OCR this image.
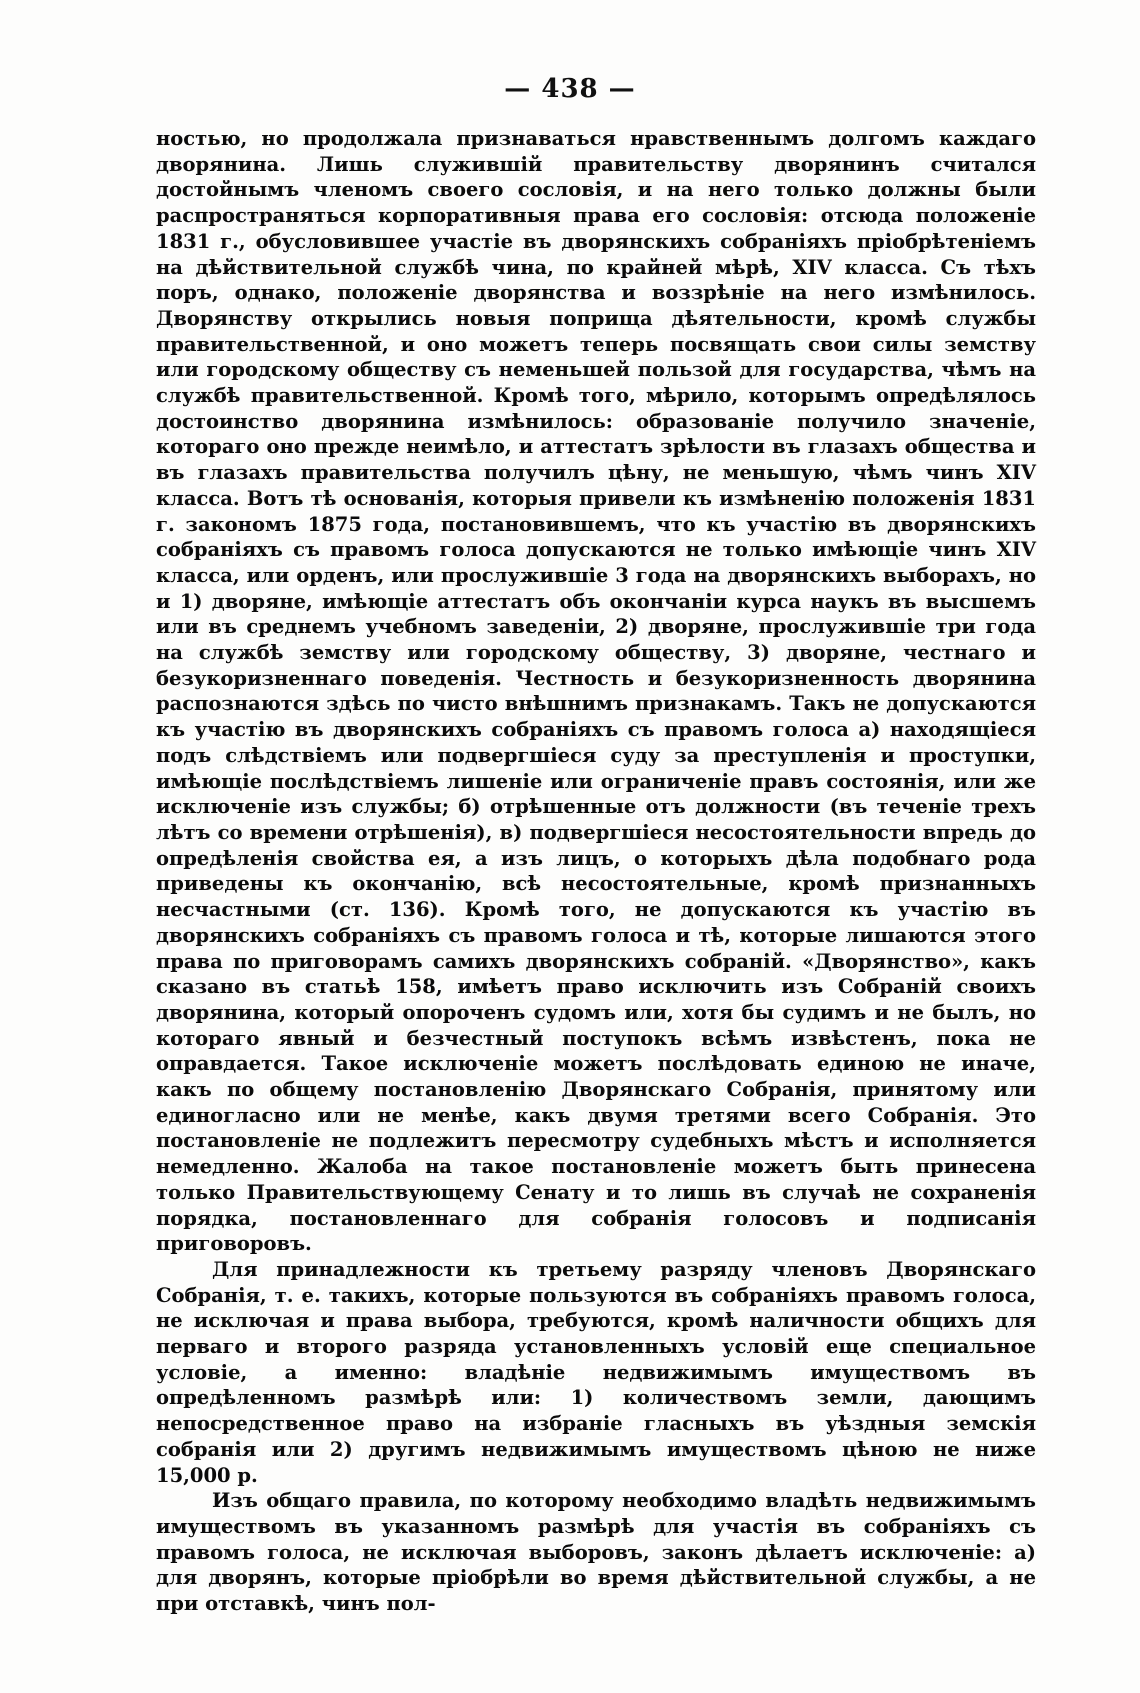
— 438 —

ностью, но продолжала признаваться нравственнымъ долгомъ каждаго дворянина. Лишь служившій правительству дворянинъ считался достойнымъ членомъ своего сословія, и на него только должны были распространяться корпоративныя права его сословія: отсюда положеніе 1831 г., обусловившее участіе въ дворянскихъ собраніяхъ пріобрѣтеніемъ на дѣйствительной службѣ чина, по крайней мѣрѣ, XIV класса. Съ тѣхъ поръ, однако, положеніе дворянства и воззрѣніе на него измѣнилось. Дворянству открылись новыя поприща дѣятельности, кромѣ службы правительственной, и оно можетъ теперь посвящать свои силы земству или городскому обществу съ неменьшей пользой для государства, чѣмъ на службѣ правительственной. Кромѣ того, мѣрило, которымъ опредѣлялось достоинство дворянина измѣнилось: образованіе получило значеніе, котораго оно прежде неимѣло, и аттестатъ зрѣлости въ глазахъ общества и въ глазахъ правительства получилъ цѣну, не меньшую, чѣмъ чинъ XIV класса. Вотъ тѣ основанія, которыя привели къ измѣненію положенія 1831 г. закономъ 1875 года, постановившемъ, что къ участію въ дворянскихъ собраніяхъ съ правомъ голоса допускаются не только имѣющіе чинъ XIV класса, или орденъ, или прослужившіе 3 года на дворянскихъ выборахъ, но и 1) дворяне, имѣющіе аттестатъ объ окончаніи курса наукъ въ высшемъ или въ среднемъ учебномъ заведеніи, 2) дворяне, прослужившіе три года на службѣ земству или городскому обществу, 3) дворяне, честнаго и безукоризненнаго поведенія. Честность и безукоризненность дворянина распознаются здѣсь по чисто внѣшнимъ признакамъ. Такъ не допускаются къ участію въ дворянскихъ собраніяхъ съ правомъ голоса а) находящіеся подъ слѣдствіемъ или подвергшіеся суду за преступленія и проступки, имѣющіе послѣдствіемъ лишеніе или ограниченіе правъ состоянія, или же исключеніе изъ службы; б) отрѣшенные отъ должности (въ теченіе трехъ лѣтъ со времени отрѣшенія), в) подвергшіеся несостоятельности впредь до опредѣленія свойства ея, а изъ лицъ, о которыхъ дѣла подобнаго рода приведены къ окончанію, всѣ несостоятельные, кромѣ признанныхъ несчастными (ст. 136). Кромѣ того, не допускаются къ участію въ дворянскихъ собраніяхъ съ правомъ голоса и тѣ, которые лишаются этого права по приговорамъ самихъ дворянскихъ собраній. «Дворянство», какъ сказано въ статьѣ 158, имѣетъ право исключить изъ Собраній своихъ дворянина, который опороченъ судомъ или, хотя бы судимъ и не былъ, но котораго явный и безчестный поступокъ всѣмъ извѣстенъ, пока не оправдается. Такое исключеніе можетъ послѣдовать единою не иначе, какъ по общему постановленію Дворянскаго Собранія, принятому или единогласно или не менѣе, какъ двумя третями всего Собранія. Это постановленіе не подлежитъ пересмотру судебныхъ мѣстъ и исполняется немедленно. Жалоба на такое постановленіе можетъ быть принесена только Правительствующему Сенату и то лишь въ случаѣ не сохраненія порядка, постановленнаго для собранія голосовъ и подписанія приговоровъ.

Для принадлежности къ третьему разряду членовъ Дворянскаго Собранія, т. е. такихъ, которые пользуются въ собраніяхъ правомъ голоса, не исключая и права выбора, требуются, кромѣ наличности общихъ для перваго и второго разряда установленныхъ условій еще специальное условіе, а именно: владѣніе недвижимымъ имуществомъ въ опредѣленномъ размѣрѣ или: 1) количествомъ земли, дающимъ непосредственное право на избраніе гласныхъ въ уѣздныя земскія собранія или 2) другимъ недвижимымъ имуществомъ цѣною не ниже 15,000 р.

Изъ общаго правила, по которому необходимо владѣть недвижимымъ имуществомъ въ указанномъ размѣрѣ для участія въ собраніяхъ съ правомъ голоса, не исключая выборовъ, законъ дѣлаетъ исключеніе: а) для дворянъ, которые пріобрѣли во время дѣйствительной службы, а не при отставкѣ, чинъ пол-
